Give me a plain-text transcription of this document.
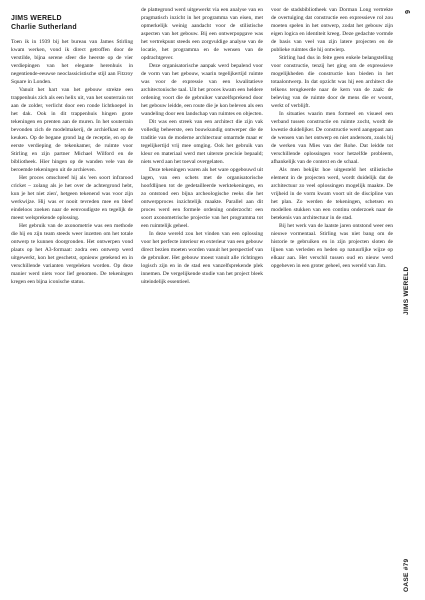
6
JIMS WERELD
OASE #79
JIMS WERELD
Charlie Sutherland

Toen ik in 1939 bij het bureau van James Stirling kwam werken, vond ik direct getroffen door de verstilde, bijna serene sfeer die heerste op de vier verdiepingen van het elegante herenhuis in negentiende-eeuwse neoclassicistische stijl aan Fitzroy Square in Londen.

Vanuit het hart van het gebouw strekte een trappenhuis zich als een helix uit, van het souterrain tot aan de zolder, verlicht door een ronde lichtkoepel in het dak. Ook in dit trappenhuis hingen grote tekeningen en prenten aan de muren. In het souterrain bevonden zich de modelmakerij, de archiefkast en de keuken. Op de begane grond lag de receptie, en op de eerste verdieping de tekenkamer, de ruimte voor Stirling en zijn partner Michael Wilford en de bibliotheek. Hier hingen op de wanden vele van de beroemde tekeningen uit de archieven.

Het proces omschreef hij als 'een soort infrarood cricket – zolang als je het over de achtergrond hebt, kun je het niet zien', hetgeen tekenend was voor zijn werkwijze. Hij was er nooit tevreden mee en bleef eindeloos zoeken naar de eenvoudigste en tegelijk de meest welsprekende oplossing.

Het gebruik van de axonometrie was een methode die hij en zijn team steeds weer inzetten om het totale ontwerp te kunnen doorgronden. Het ontwerpen vond plaats op het A3-formaat: zodra een ontwerp werd uitgewerkt, kon het geschetst, opnieuw getekend en in verschillende varianten vergeleken worden. Op deze manier werd niets voor lief genomen. De tekeningen kregen een bijna iconische status.

de plattegrond werd uitgewerkt via een analyse van en pragmatisch inzicht in het programma van eisen, met opmerkelijk weinig aandacht voor de stilistische aspecten van het gebouw. Bij een ontwerpopgave was het vertrekpunt steeds een zorgvuldige analyse van de locatie, het programma en de wensen van de opdrachtgever.

Deze organisatorische aanpak werd bepalend voor de vorm van het gebouw, waarin tegelijkertijd ruimte was voor de expressie van een kwalitatieve architectonische taal. Uit het proces kwam een heldere ordening voort die de gebruiker vanzelfsprekend door het gebouw leidde, een route die je kon beleven als een wandeling door een landschap van ruimtes en objecten.

Dit was een streek van een architect die zijn vak volledig beheerste, een bouwkundig ontwerper die de traditie van de moderne architectuur omarmde maar er tegelijkertijd vrij mee omging. Ook het gebruik van kleur en materiaal werd met uiterste precisie bepaald; niets werd aan het toeval overgelaten.

Deze tekeningen waren als het ware opgebouwd uit lagen, van een schets met de organisatorische hoofdlijnen tot de gedetailleerde werktekeningen, en zo ontstond een bijna archeologische reeks die het ontwerpproces inzichtelijk maakte. Parallel aan dit proces werd een formele ordening onderzocht: een soort axonometrische projectie van het programma tot een ruimtelijk geheel.

In deze wereld zou het vinden van een oplossing voor het perfecte interieur en exterieur van een gebouw direct bezien moeten worden vanuit het perspectief van de gebruiker. Het gebouw moest vanuit alle richtingen logisch zijn en in de stad een vanzelfsprekende plek innemen. De vergelijkende studie van het project bleek uiteindelijk essentieel.

voor de stadsbibliotheek van Dorman Long vertrekte de overtuiging dat constructie een expressieve rol zou moeten spelen in het ontwerp, zodat het gebouw zijn eigen logica en identiteit kreeg. Deze gedachte vormde de basis van veel van zijn latere projecten en de publieke ruimtes die hij ontwierp.

Stirling had dus in feite geen enkele belangstelling voor constructie, tenzij het ging om de expressieve mogelijkheden die constructie kon bieden in het totaalontwerp. In dat opzicht was hij een architect die telkens terugkeerde naar de kern van de zaak: de beleving van de ruimte door de mens die er woont, werkt of verblijft.

In situaties waarin men formeel en visueel een verband tussen constructie en ruimte zocht, wordt de kwestie duidelijker. De constructie werd aangepast aan de wensen van het ontwerp en niet andersom, zoals bij de werken van Mies van der Rohe. Dat leidde tot verschillende oplossingen voor hetzelfde probleem, afhankelijk van de context en de schaal.

Als men bekijkt hoe uitgesteld het stilistische element in de projecten werd, wordt duidelijk dat de architectuur zo veel oplossingen mogelijk maakte. De vrijheid in de vorm kwam voort uit de discipline van het plan. Zo werden de tekeningen, schetsen en modellen stukken van een continu onderzoek naar de betekenis van architectuur in de stad.

Bij het werk van de laatste jaren ontstond weer een nieuwe vormentaal. Stirling was niet bang om de historie te gebruiken en in zijn projecten sloten de lijnen van verleden en heden op natuurlijke wijze op elkaar aan. Het verschil tussen oud en nieuw werd opgeheven in een groter geheel, een wereld van Jim.
